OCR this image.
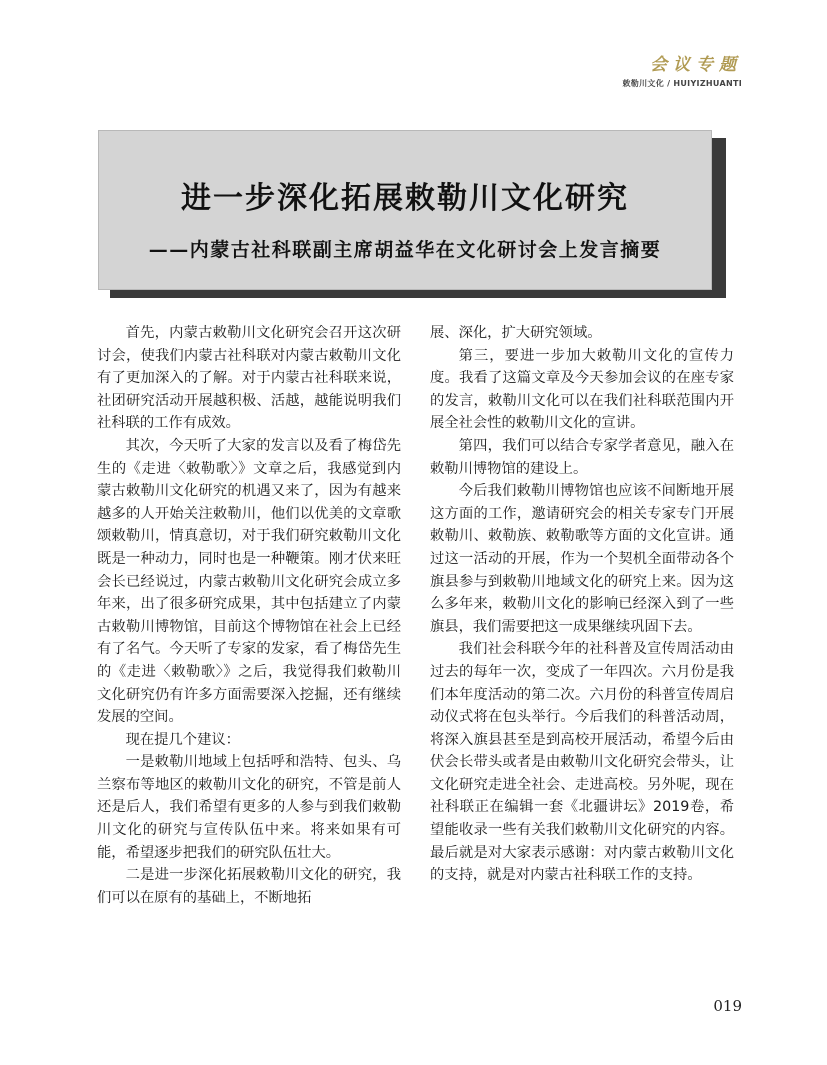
会议专题
敕勒川文化 / HUIYIZHUANTI
进一步深化拓展敕勒川文化研究
——内蒙古社科联副主席胡益华在文化研讨会上发言摘要

首先，内蒙古敕勒川文化研究会召开这次研讨会，使我们内蒙古社科联对内蒙古敕勒川文化有了更加深入的了解。对于内蒙古社科联来说，社团研究活动开展越积极、活越，越能说明我们社科联的工作有成效。

其次，今天听了大家的发言以及看了梅岱先生的《走进〈敕勒歌〉》文章之后，我感觉到内蒙古敕勒川文化研究的机遇又来了，因为有越来越多的人开始关注敕勒川，他们以优美的文章歌颂敕勒川，情真意切，对于我们研究敕勒川文化既是一种动力，同时也是一种鞭策。刚才伏来旺会长已经说过，内蒙古敕勒川文化研究会成立多年来，出了很多研究成果，其中包括建立了内蒙古敕勒川博物馆，目前这个博物馆在社会上已经有了名气。今天听了专家的发家，看了梅岱先生的《走进〈敕勒歌〉》之后，我觉得我们敕勒川文化研究仍有许多方面需要深入挖掘，还有继续发展的空间。

现在提几个建议：

一是敕勒川地域上包括呼和浩特、包头、乌兰察布等地区的敕勒川文化的研究，不管是前人还是后人，我们希望有更多的人参与到我们敕勒川文化的研究与宣传队伍中来。将来如果有可能，希望逐步把我们的研究队伍壮大。

二是进一步深化拓展敕勒川文化的研究，我们可以在原有的基础上，不断地拓

展、深化，扩大研究领域。

第三，要进一步加大敕勒川文化的宣传力度。我看了这篇文章及今天参加会议的在座专家的发言，敕勒川文化可以在我们社科联范围内开展全社会性的敕勒川文化的宣讲。

第四，我们可以结合专家学者意见，融入在敕勒川博物馆的建设上。

今后我们敕勒川博物馆也应该不间断地开展这方面的工作，邀请研究会的相关专家专门开展敕勒川、敕勒族、敕勒歌等方面的文化宣讲。通过这一活动的开展，作为一个契机全面带动各个旗县参与到敕勒川地域文化的研究上来。因为这么多年来，敕勒川文化的影响已经深入到了一些旗县，我们需要把这一成果继续巩固下去。

我们社会科联今年的社科普及宣传周活动由过去的每年一次，变成了一年四次。六月份是我们本年度活动的第二次。六月份的科普宣传周启动仪式将在包头举行。今后我们的科普活动周，将深入旗县甚至是到高校开展活动，希望今后由伏会长带头或者是由敕勒川文化研究会带头，让文化研究走进全社会、走进高校。另外呢，现在社科联正在编辑一套《北疆讲坛》2019卷，希望能收录一些有关我们敕勒川文化研究的内容。最后就是对大家表示感谢：对内蒙古敕勒川文化的支持，就是对内蒙古社科联工作的支持。

019
